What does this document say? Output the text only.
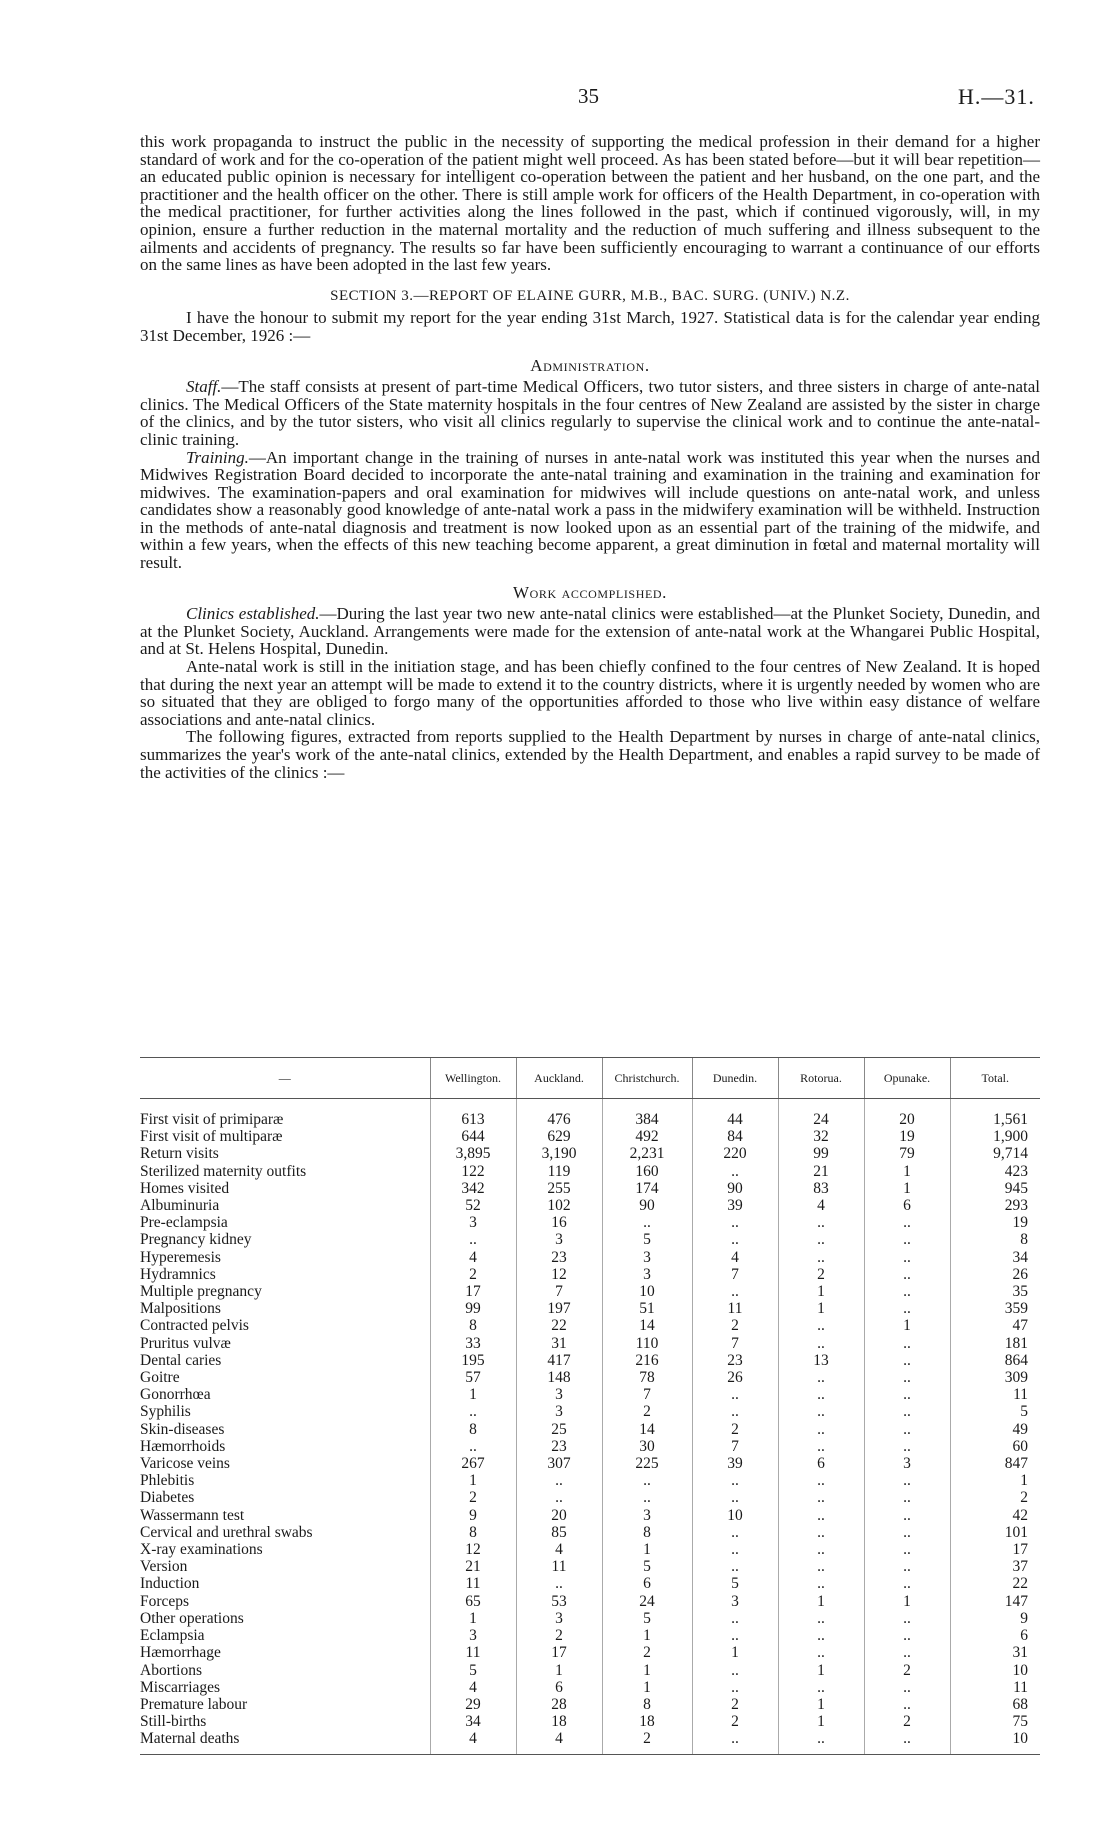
35	H.—31.

this work propaganda to instruct the public in the necessity of supporting the medical profession in their demand for a higher standard of work and for the co-operation of the patient might well proceed. As has been stated before—but it will bear repetition—an educated public opinion is necessary for intelligent co-operation between the patient and her husband, on the one part, and the practitioner and the health officer on the other. There is still ample work for officers of the Health Department, in co-operation with the medical practitioner, for further activities along the lines followed in the past, which if continued vigorously, will, in my opinion, ensure a further reduction in the maternal mortality and the reduction of much suffering and illness subsequent to the ailments and accidents of pregnancy. The results so far have been sufficiently encouraging to warrant a continuance of our efforts on the same lines as have been adopted in the last few years.

SECTION 3.—REPORT OF ELAINE GURR, M.B., BAC. SURG. (UNIV.) N.Z.

I have the honour to submit my report for the year ending 31st March, 1927. Statistical data is for the calendar year ending 31st December, 1926 :—

Administration.

Staff.—The staff consists at present of part-time Medical Officers, two tutor sisters, and three sisters in charge of ante-natal clinics. The Medical Officers of the State maternity hospitals in the four centres of New Zealand are assisted by the sister in charge of the clinics, and by the tutor sisters, who visit all clinics regularly to supervise the clinical work and to continue the ante-natal-clinic training.

Training.—An important change in the training of nurses in ante-natal work was instituted this year when the nurses and Midwives Registration Board decided to incorporate the ante-natal training and examination in the training and examination for midwives. The examination-papers and oral examination for midwives will include questions on ante-natal work, and unless candidates show a reasonably good knowledge of ante-natal work a pass in the midwifery examination will be withheld. Instruction in the methods of ante-natal diagnosis and treatment is now looked upon as an essential part of the training of the midwife, and within a few years, when the effects of this new teaching become apparent, a great diminution in fœtal and maternal mortality will result.

Work accomplished.

Clinics established.—During the last year two new ante-natal clinics were established—at the Plunket Society, Dunedin, and at the Plunket Society, Auckland. Arrangements were made for the extension of ante-natal work at the Whangarei Public Hospital, and at St. Helens Hospital, Dunedin.

Ante-natal work is still in the initiation stage, and has been chiefly confined to the four centres of New Zealand. It is hoped that during the next year an attempt will be made to extend it to the country districts, where it is urgently needed by women who are so situated that they are obliged to forgo many of the opportunities afforded to those who live within easy distance of welfare associations and ante-natal clinics.

The following figures, extracted from reports supplied to the Health Department by nurses in charge of ante-natal clinics, summarizes the year's work of the ante-natal clinics, extended by the Health Department, and enables a rapid survey to be made of the activities of the clinics :—

—	Wellington.	Auckland.	Christchurch.	Dunedin.	Rotorua.	Opunake.	Total.
First visit of primiparæ	613	476	384	44	24	20	1,561
First visit of multiparæ	644	629	492	84	32	19	1,900
Return visits	3,895	3,190	2,231	220	99	79	9,714
Sterilized maternity outfits	122	119	160	..	21	1	423
Homes visited	342	255	174	90	83	1	945
Albuminuria	52	102	90	39	4	6	293
Pre-eclampsia	3	16	..	..	..	..	19
Pregnancy kidney	..	3	5	..	..	..	8
Hyperemesis	4	23	3	4	..	..	34
Hydramnics	2	12	3	7	2	..	26
Multiple pregnancy	17	7	10	..	1	..	35
Malpositions	99	197	51	11	1	..	359
Contracted pelvis	8	22	14	2	..	1	47
Pruritus vulvæ	33	31	110	7	..	..	181
Dental caries	195	417	216	23	13	..	864
Goitre	57	148	78	26	..	..	309
Gonorrhœa	1	3	7	..	..	..	11
Syphilis	..	3	2	..	..	..	5
Skin-diseases	8	25	14	2	..	..	49
Hæmorrhoids	..	23	30	7	..	..	60
Varicose veins	267	307	225	39	6	3	847
Phlebitis	1	..	..	..	..	..	1
Diabetes	2	..	..	..	..	..	2
Wassermann test	9	20	3	10	..	..	42
Cervical and urethral swabs	8	85	8	..	..	..	101
X-ray examinations	12	4	1	..	..	..	17
Version	21	11	5	..	..	..	37
Induction	11	..	6	5	..	..	22
Forceps	65	53	24	3	1	1	147
Other operations	1	3	5	..	..	..	9
Eclampsia	3	2	1	..	..	..	6
Hæmorrhage	11	17	2	1	..	..	31
Abortions	5	1	1	..	1	2	10
Miscarriages	4	6	1	..	..	..	11
Premature labour	29	28	8	2	1	..	68
Still-births	34	18	18	2	1	2	75
Maternal deaths	4	4	2	..	..	..	10
